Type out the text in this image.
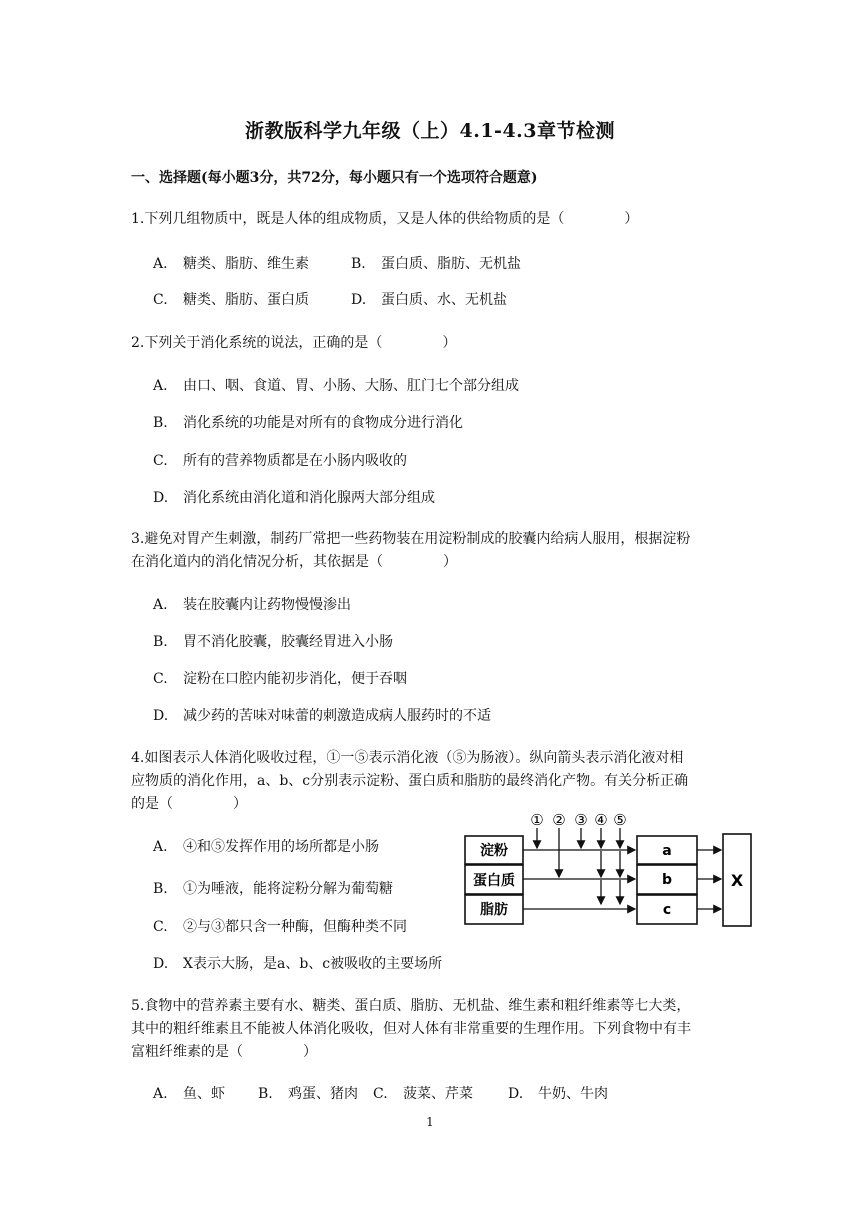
浙教版科学九年级（上）4.1-4.3章节检测
一、选择题(每小题3分，共72分，每小题只有一个选项符合题意)
1.下列几组物质中，既是人体的组成物质，又是人体的供给物质的是（	）
A. 糖类、脂肪、维生素	B. 蛋白质、脂肪、无机盐
C. 糖类、脂肪、蛋白质	D. 蛋白质、水、无机盐
2.下列关于消化系统的说法，正确的是（	）
A. 由口、咽、食道、胃、小肠、大肠、肛门七个部分组成
B. 消化系统的功能是对所有的食物成分进行消化
C. 所有的营养物质都是在小肠内吸收的
D. 消化系统由消化道和消化腺两大部分组成
3.避免对胃产生刺激，制药厂常把一些药物装在用淀粉制成的胶囊内给病人服用，根据淀粉
在消化道内的消化情况分析，其依据是（	）
A. 装在胶囊内让药物慢慢渗出
B. 胃不消化胶囊，胶囊经胃进入小肠
C. 淀粉在口腔内能初步消化，便于吞咽
D. 减少药的苦味对味蕾的刺激造成病人服药时的不适
4.如图表示人体消化吸收过程，①一⑤表示消化液（⑤为肠液）。纵向箭头表示消化液对相
应物质的消化作用，a、b、c分别表示淀粉、蛋白质和脂肪的最终消化产物。有关分析正确
的是（	）
A. ④和⑤发挥作用的场所都是小肠
B. ①为唾液，能将淀粉分解为葡萄糖
C. ②与③都只含一种酶，但酶种类不同
D. X表示大肠，是a、b、c被吸收的主要场所
① ② ③ ④ ⑤
淀粉
蛋白质
脂肪
a
b
c
X
5.食物中的营养素主要有水、糖类、蛋白质、脂肪、无机盐、维生素和粗纤维素等七大类，
其中的粗纤维素且不能被人体消化吸收，但对人体有非常重要的生理作用。下列食物中有丰
富粗纤维素的是（	）
A. 鱼、虾 B. 鸡蛋、猪肉 C. 菠菜、芹菜	D. 牛奶、牛肉
1
